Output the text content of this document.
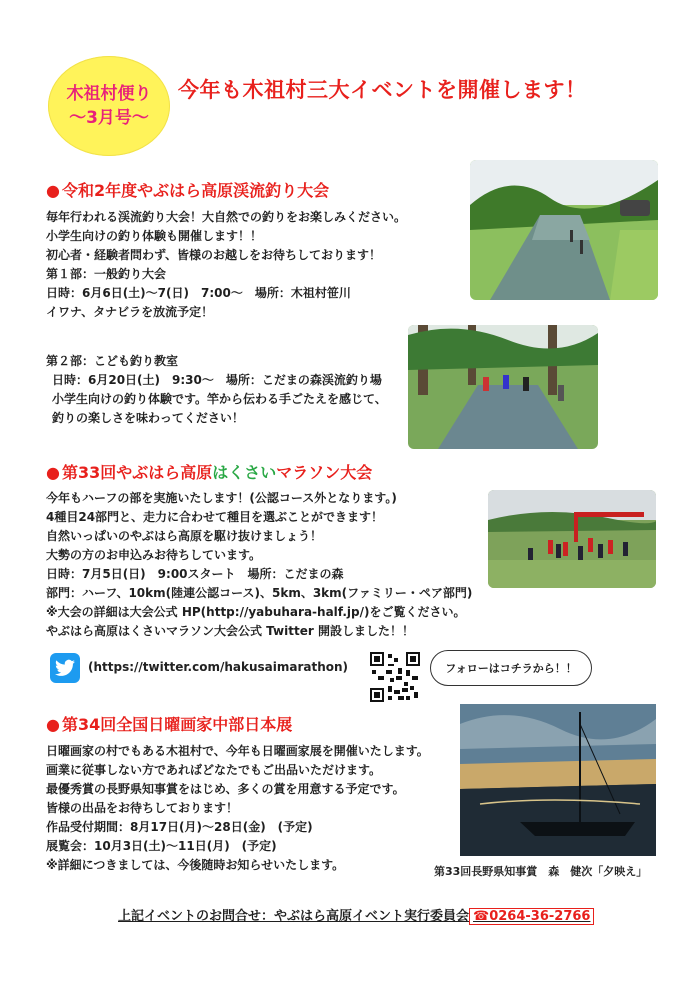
木祖村便り
〜3月号〜
今年も木祖村三大イベントを開催します！
● 令和2年度やぶはら高原渓流釣り大会
毎年行われる渓流釣り大会！大自然での釣りをお楽しみください。
小学生向けの釣り体験も開催します！！
初心者・経験者問わず、皆様のお越しをお待ちしております！
第１部：一般釣り大会
日時：6月6日(土)〜7(日)　7:00〜　場所：木祖村笹川
イワナ、タナビラを放流予定！
第２部：こども釣り教室
日時：6月20日(土)　9:30〜　場所：こだまの森渓流釣り場
小学生向けの釣り体験です。竿から伝わる手ごたえを感じて、
釣りの楽しさを味わってください！
● 第33回やぶはら高原はくさいマラソン大会
今年もハーフの部を実施いたします！(公認コース外となります。)
4種目24部門と、走力に合わせて種目を選ぶことができます！
自然いっぱいのやぶはら高原を駆け抜けましょう！
大勢の方のお申込みお待ちしています。
日時：7月5日(日)　9:00スタート　場所：こだまの森
部門：ハーフ、10km(陸連公認コース)、5km、3km(ファミリー・ペア部門)
※大会の詳細は大会公式 HP(http://yabuhara-half.jp/)をご覧ください。
やぶはら高原はくさいマラソン大会公式 Twitter 開設しました！！
(https://twitter.com/hakusaimarathon)	フォローはコチラから！！
● 第34回全国日曜画家中部日本展
日曜画家の村でもある木祖村で、今年も日曜画家展を開催いたします。
画業に従事しない方であればどなたでもご出品いただけます。
最優秀賞の長野県知事賞をはじめ、多くの賞を用意する予定です。
皆様の出品をお待ちしております！
作品受付期間：8月17日(月)〜28日(金)　(予定)
展覧会：10月3日(土)〜11日(月)　(予定)
※詳細につきましては、今後随時お知らせいたします。	第33回長野県知事賞　森　健次「夕映え」
上記イベントのお問合せ：やぶはら高原イベント実行委員会 ☎0264-36-2766
